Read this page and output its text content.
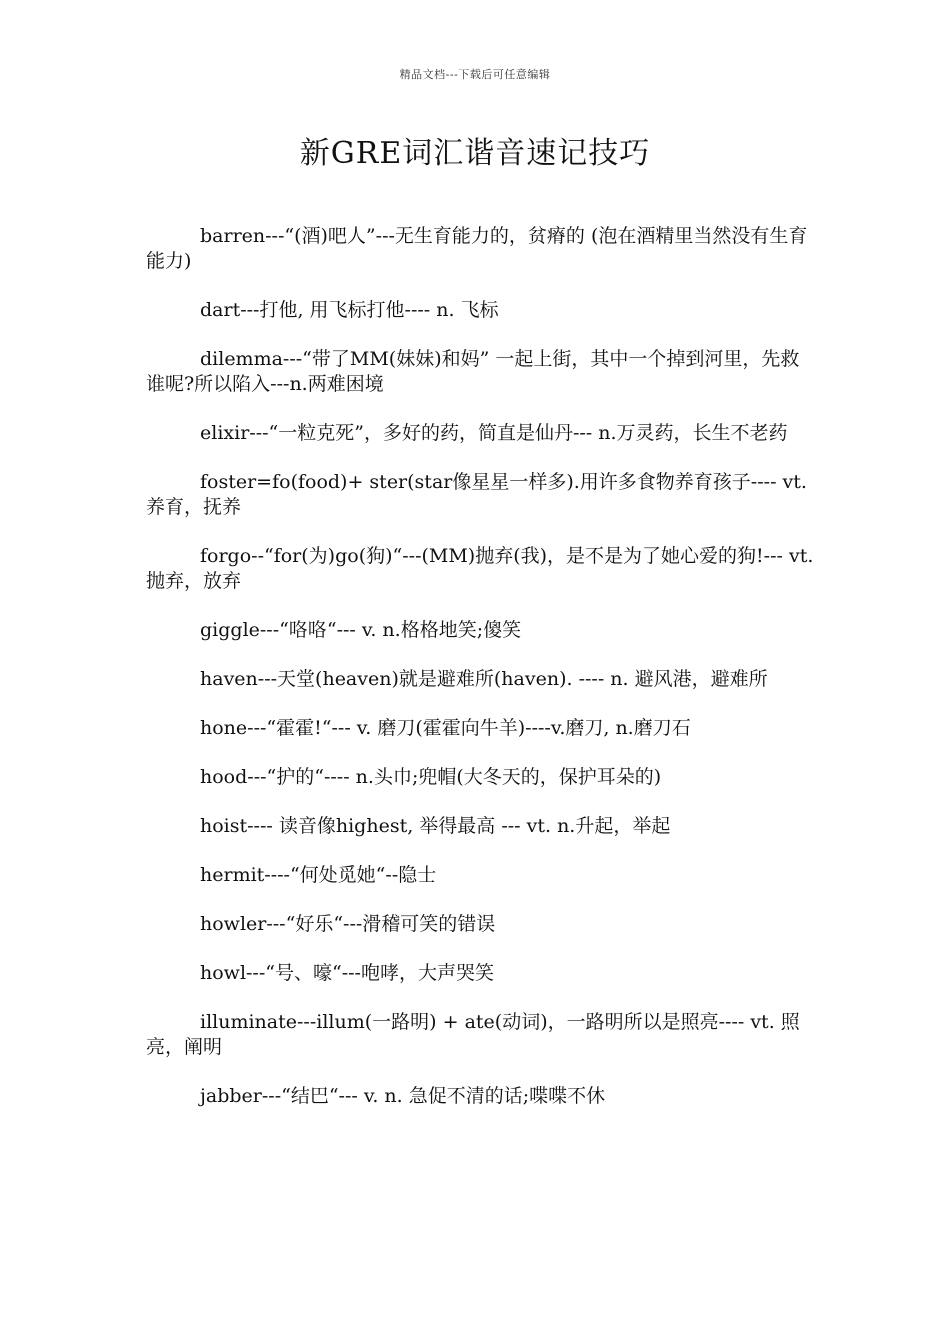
精品文档---下载后可任意编辑
新GRE词汇谐音速记技巧

barren---“(酒)吧人”---无生育能力的，贫瘠的 (泡在酒精里当然没有生育能力)

dart---打他, 用飞标打他---- n. 飞标

dilemma---“带了MM(妹妹)和妈” 一起上街，其中一个掉到河里，先救谁呢?所以陷入---n.两难困境

elixir---“一粒克死”，多好的药，简直是仙丹--- n.万灵药，长生不老药

foster=fo(food)+ ster(star像星星一样多).用许多食物养育孩子---- vt.养育，抚养

forgo--“for(为)go(狗)“---(MM)抛弃(我)，是不是为了她心爱的狗!--- vt.抛弃，放弃

giggle---“咯咯“--- v. n.格格地笑;傻笑

haven---天堂(heaven)就是避难所(haven). ---- n. 避风港，避难所

hone---“霍霍!“--- v. 磨刀(霍霍向牛羊)----v.磨刀, n.磨刀石

hood---“护的“---- n.头巾;兜帽(大冬天的，保护耳朵的)

hoist---- 读音像highest, 举得最高 --- vt. n.升起，举起

hermit----“何处觅她“--隐士

howler---“好乐“---滑稽可笑的错误

howl---“号、嚎“---咆哮，大声哭笑

illuminate---illum(一路明) + ate(动词)，一路明所以是照亮---- vt. 照亮，阐明

jabber---“结巴“--- v. n. 急促不清的话;喋喋不休
